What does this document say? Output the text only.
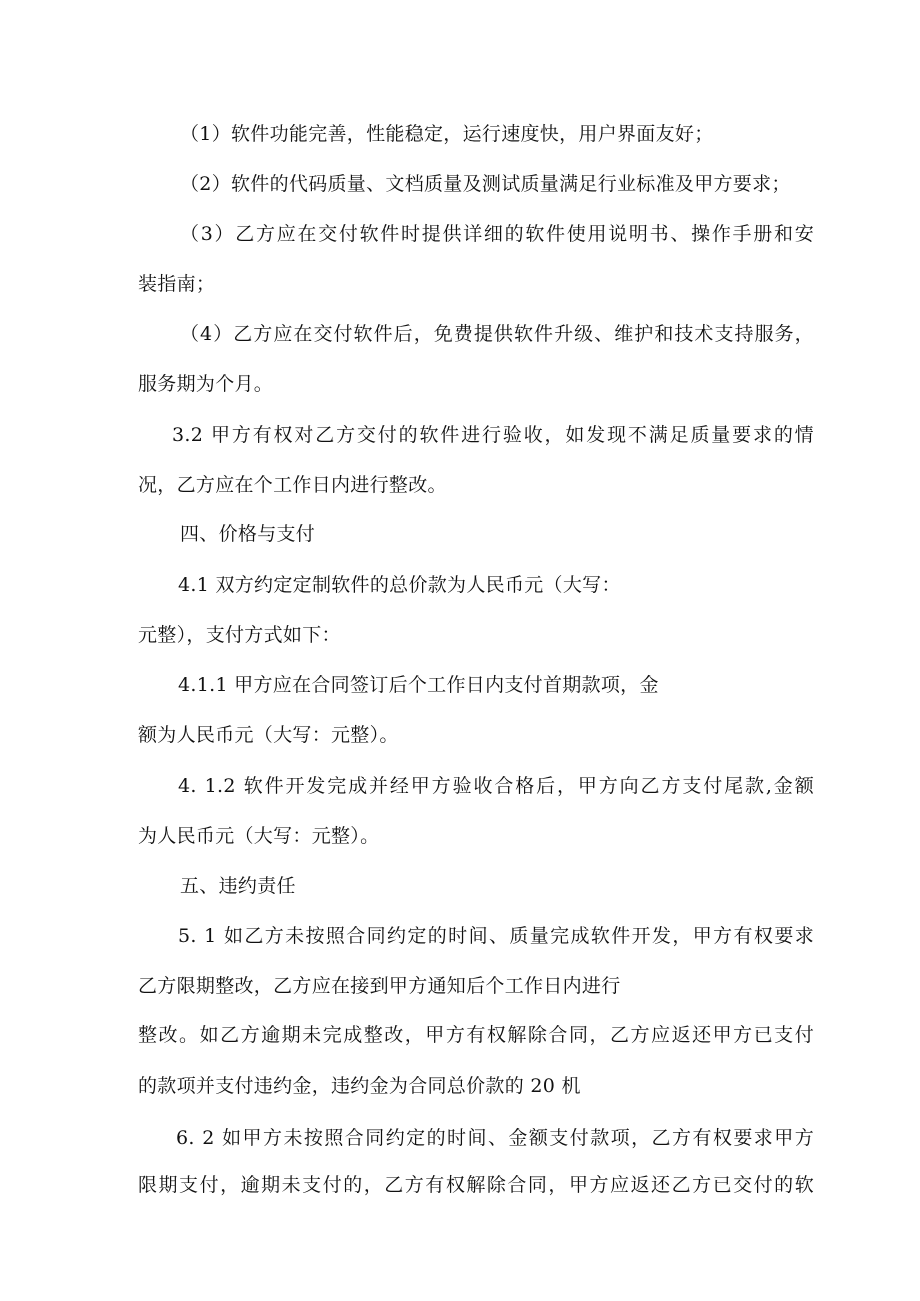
（1）软件功能完善，性能稳定，运行速度快，用户界面友好；
（2）软件的代码质量、文档质量及测试质量满足行业标准及甲方要求；
（3）乙方应在交付软件时提供详细的软件使用说明书、操作手册和安
装指南；
（4）乙方应在交付软件后，免费提供软件升级、维护和技术支持服务，
服务期为个月。
3.2 甲方有权对乙方交付的软件进行验收，如发现不满足质量要求的情
况，乙方应在个工作日内进行整改。
四、价格与支付
4.1 双方约定定制软件的总价款为人民币元（大写：
元整），支付方式如下：
4.1.1 甲方应在合同签订后个工作日内支付首期款项，金
额为人民币元（大写：元整）。
4. 1.2 软件开发完成并经甲方验收合格后，甲方向乙方支付尾款,金额
为人民币元（大写：元整）。
五、违约责任
5. 1 如乙方未按照合同约定的时间、质量完成软件开发，甲方有权要求
乙方限期整改，乙方应在接到甲方通知后个工作日内进行
整改。如乙方逾期未完成整改，甲方有权解除合同，乙方应返还甲方已支付
的款项并支付违约金，违约金为合同总价款的 20 机
6. 2 如甲方未按照合同约定的时间、金额支付款项，乙方有权要求甲方
限期支付，逾期未支付的，乙方有权解除合同，甲方应返还乙方已交付的软
